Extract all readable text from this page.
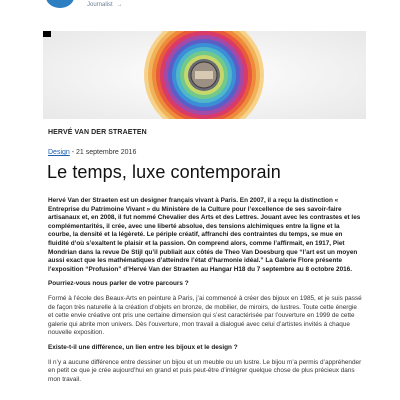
Journalist →
HERVÉ VAN DER STRAETEN
Design - 21 septembre 2016
Le temps, luxe contemporain

Hervé Van der Straeten est un designer français vivant à Paris. En 2007, il a reçu la distinction « Entreprise du Patrimoine Vivant » du Ministère de la Culture pour l’excellence de ses savoir-faire artisanaux et, en 2008, il fut nommé Chevalier des Arts et des Lettres. Jouant avec les contrastes et les complémentarités, il crée, avec une liberté absolue, des tensions alchimiques entre la ligne et la courbe, la densité et la légèreté. Le périple créatif, affranchi des contraintes du temps, se mue en fluidité d’où s’exaltent le plaisir et la passion. On comprend alors, comme l’affirmait, en 1917, Piet Mondrian dans la revue De Stijl qu’il publiait aux côtés de Theo Van Doesburg que “l’art est un moyen aussi exact que les mathématiques d’atteindre l’état d’harmonie idéal.” La Galerie Flore présente l’exposition “Profusion” d’Hervé Van der Straeten au Hangar H18 du 7 septembre au 8 octobre 2016.

Pourriez-vous nous parler de votre parcours ?

Formé à l’école des Beaux-Arts en peinture à Paris, j’ai commencé à créer des bijoux en 1985, et je suis passé de façon très naturelle à la création d’objets en bronze, de mobilier, de miroirs, de lustres. Toute cette énergie et cette envie créative ont pris une certaine dimension qui s’est caractérisée par l’ouverture en 1999 de cette galerie qui abrite mon univers. Dès l’ouverture, mon travail a dialogué avec celui d’artistes invités à chaque nouvelle exposition.

Existe-t-il une différence, un lien entre les bijoux et le design ?

Il n’y a aucune différence entre dessiner un bijou et un meuble ou un lustre. Le bijou m’a permis d’appréhender en petit ce que je crée aujourd’hui en grand et puis peut-être d’intégrer quelque chose de plus précieux dans mon travail.
